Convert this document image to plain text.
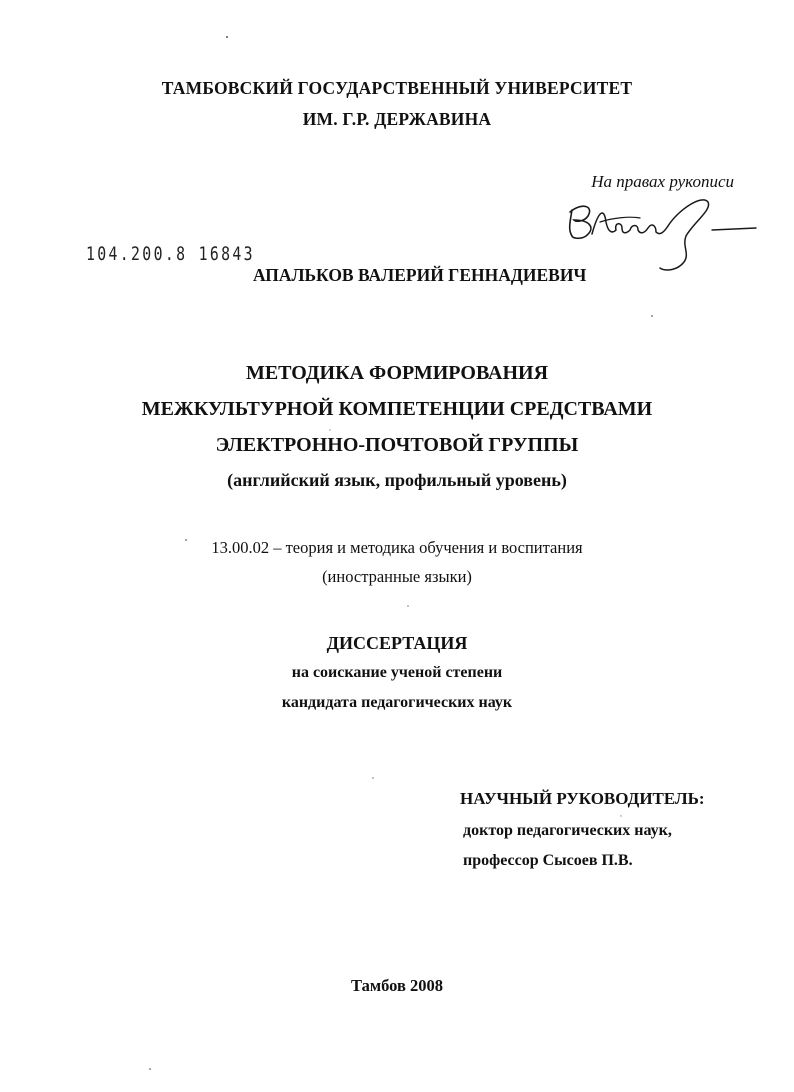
ТАМБОВСКИЙ ГОСУДАРСТВЕННЫЙ УНИВЕРСИТЕТ
ИМ. Г.Р. ДЕРЖАВИНА
На правах рукописи
104.200.8 16843
АПАЛЬКОВ ВАЛЕРИЙ ГЕННАДИЕВИЧ
МЕТОДИКА ФОРМИРОВАНИЯ
МЕЖКУЛЬТУРНОЙ КОМПЕТЕНЦИИ СРЕДСТВАМИ
ЭЛЕКТРОННО-ПОЧТОВОЙ ГРУППЫ
(английский язык, профильный уровень)
13.00.02 – теория и методика обучения и воспитания
(иностранные языки)
ДИССЕРТАЦИЯ
на соискание ученой степени
кандидата педагогических наук
НАУЧНЫЙ РУКОВОДИТЕЛЬ:
доктор педагогических наук,
профессор Сысоев П.В.
Тамбов 2008
